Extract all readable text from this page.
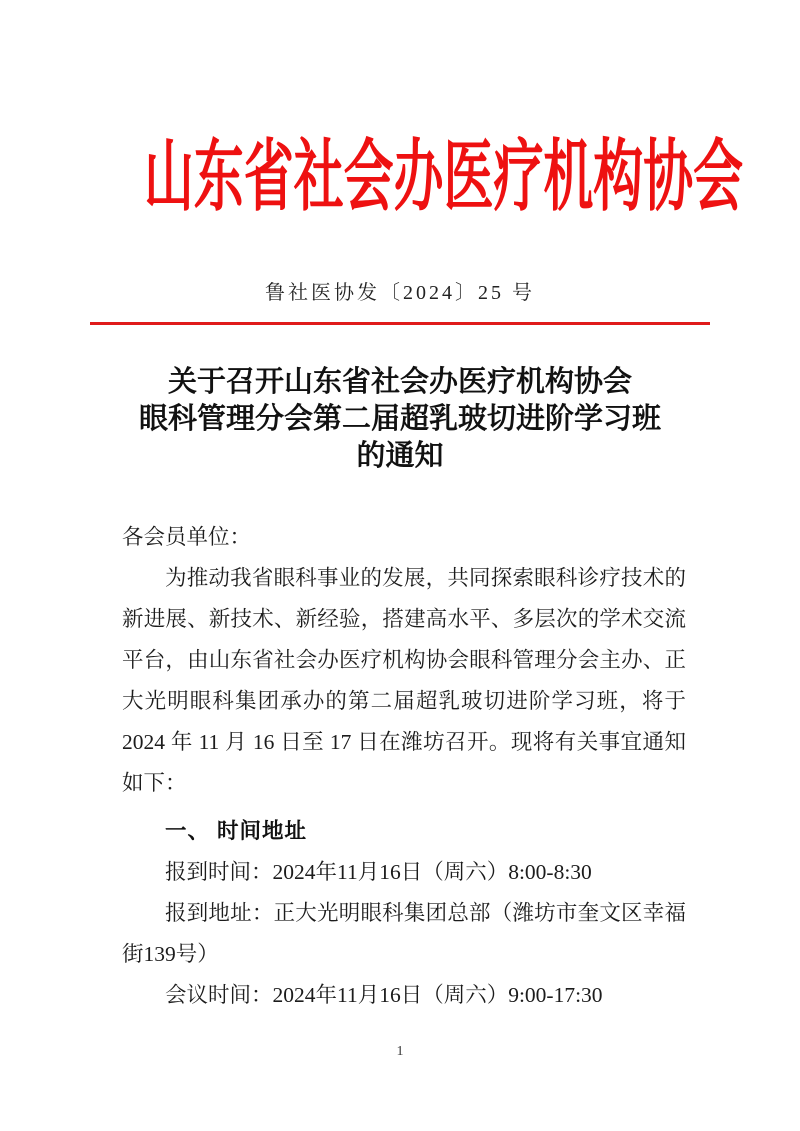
山东省社会办医疗机构协会
鲁社医协发〔2024〕25 号
关于召开山东省社会办医疗机构协会
眼科管理分会第二届超乳玻切进阶学习班
的通知
各会员单位：
为推动我省眼科事业的发展，共同探索眼科诊疗技术的新进展、新技术、新经验，搭建高水平、多层次的学术交流平台，由山东省社会办医疗机构协会眼科管理分会主办、正大光明眼科集团承办的第二届超乳玻切进阶学习班，将于2024 年 11 月 16 日至 17 日在潍坊召开。现将有关事宜通知如下：
一、 时间地址
报到时间：2024年11月16日（周六）8:00-8:30
报到地址：正大光明眼科集团总部（潍坊市奎文区幸福街139号）
会议时间：2024年11月16日（周六）9:00-17:30
1
